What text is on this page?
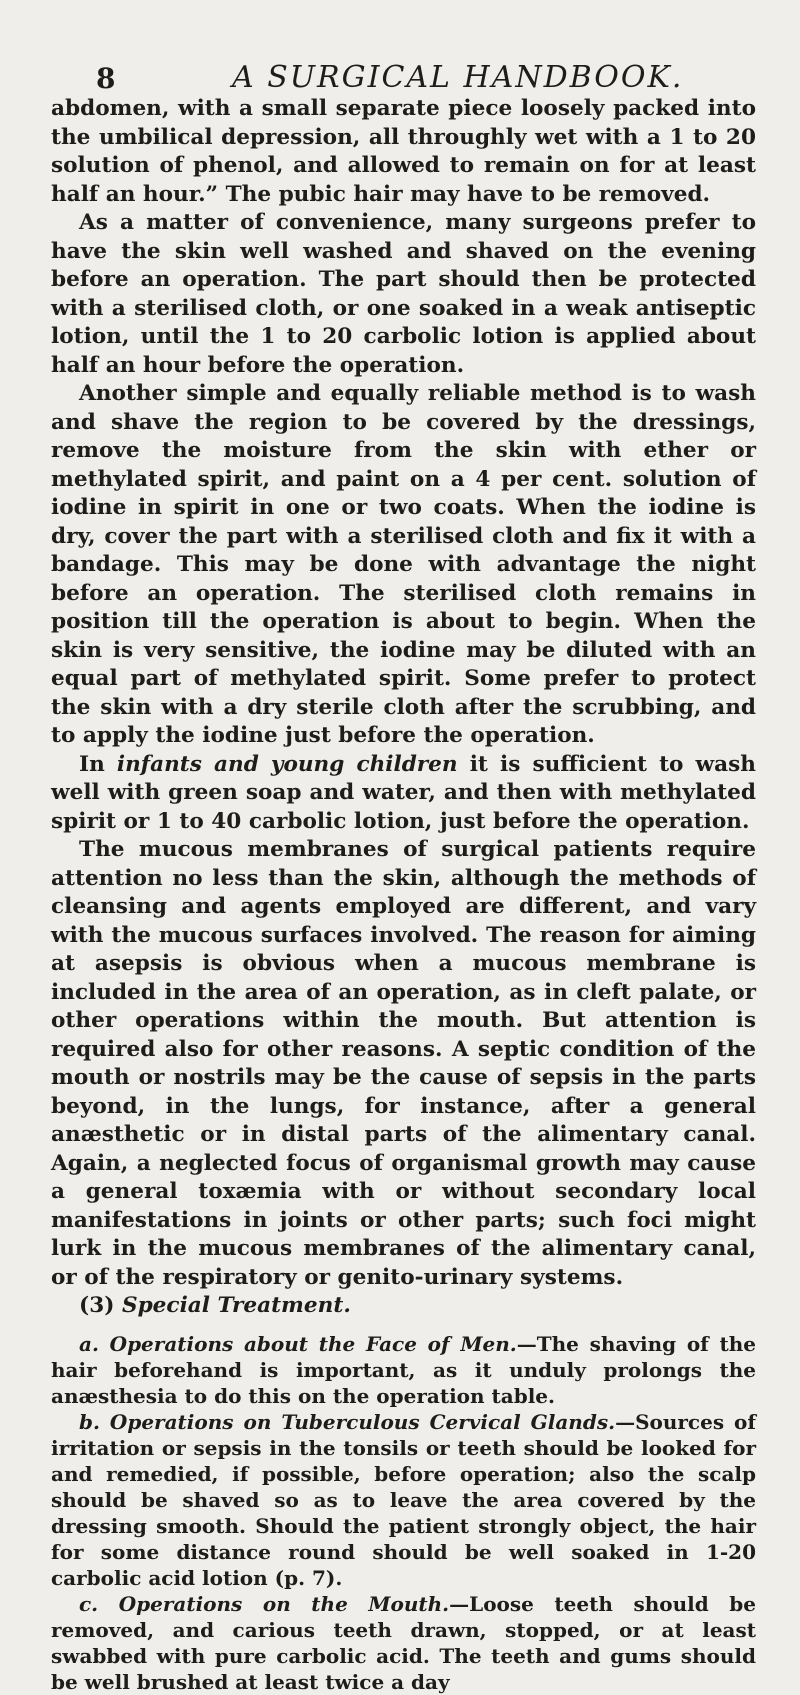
8	A SURGICAL HANDBOOK.

abdomen, with a small separate piece loosely packed into the umbilical depression, all throughly wet with a 1 to 20 solution of phenol, and allowed to remain on for at least half an hour.” The pubic hair may have to be removed.

As a matter of convenience, many surgeons prefer to have the skin well washed and shaved on the evening before an operation. The part should then be protected with a sterilised cloth, or one soaked in a weak antiseptic lotion, until the 1 to 20 carbolic lotion is applied about half an hour before the operation.

Another simple and equally reliable method is to wash and shave the region to be covered by the dressings, remove the moisture from the skin with ether or methylated spirit, and paint on a 4 per cent. solution of iodine in spirit in one or two coats. When the iodine is dry, cover the part with a sterilised cloth and fix it with a bandage. This may be done with advantage the night before an operation. The sterilised cloth remains in position till the operation is about to begin. When the skin is very sensitive, the iodine may be diluted with an equal part of methylated spirit. Some prefer to protect the skin with a dry sterile cloth after the scrubbing, and to apply the iodine just before the operation.

In infants and young children it is sufficient to wash well with green soap and water, and then with methylated spirit or 1 to 40 carbolic lotion, just before the operation.

The mucous membranes of surgical patients require attention no less than the skin, although the methods of cleansing and agents employed are different, and vary with the mucous surfaces involved. The reason for aiming at asepsis is obvious when a mucous membrane is included in the area of an operation, as in cleft palate, or other operations within the mouth. But attention is required also for other reasons. A septic condition of the mouth or nostrils may be the cause of sepsis in the parts beyond, in the lungs, for instance, after a general anæsthetic or in distal parts of the alimentary canal. Again, a neglected focus of organismal growth may cause a general toxæmia with or without secondary local manifestations in joints or other parts; such foci might lurk in the mucous membranes of the alimentary canal, or of the respiratory or genito-urinary systems.

(3) Special Treatment.

a. Operations about the Face of Men.—The shaving of the hair beforehand is important, as it unduly prolongs the anæsthesia to do this on the operation table.

b. Operations on Tuberculous Cervical Glands.—Sources of irritation or sepsis in the tonsils or teeth should be looked for and remedied, if possible, before operation; also the scalp should be shaved so as to leave the area covered by the dressing smooth. Should the patient strongly object, the hair for some distance round should be well soaked in 1-20 carbolic acid lotion (p. 7).

c. Operations on the Mouth.—Loose teeth should be removed, and carious teeth drawn, stopped, or at least swabbed with pure carbolic acid. The teeth and gums should be well brushed at least twice a day
